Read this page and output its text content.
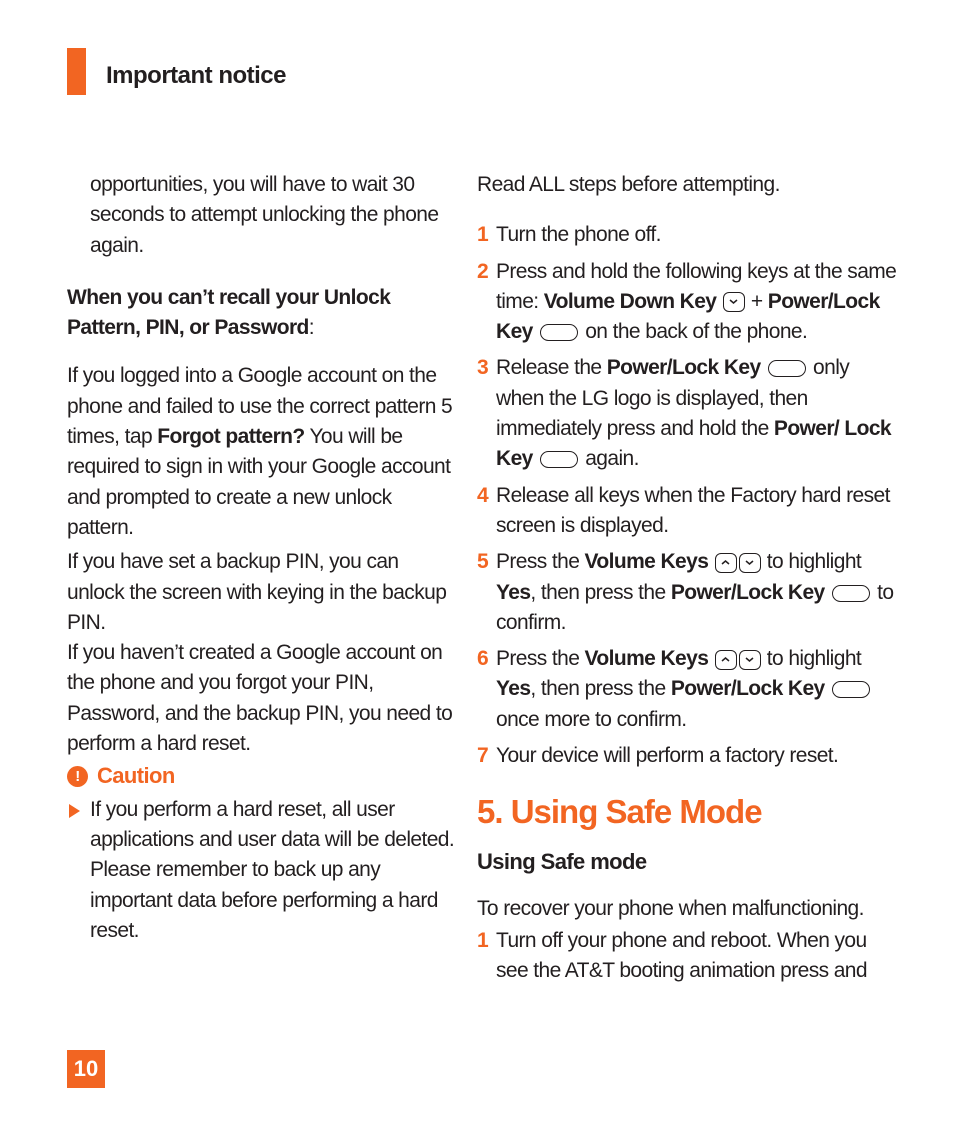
Important notice

opportunities, you will have to wait 30 seconds to attempt unlocking the phone again.

When you can’t recall your Unlock Pattern, PIN, or Password:

If you logged into a Google account on the phone and failed to use the correct pattern 5 times, tap Forgot pattern? You will be required to sign in with your Google account and prompted to create a new unlock pattern.

If you have set a backup PIN, you can unlock the screen with keying in the backup PIN.

If you haven’t created a Google account on the phone and you forgot your PIN, Password, and the backup PIN, you need to perform a hard reset.

! Caution

If you perform a hard reset, all user applications and user data will be deleted. Please remember to back up any important data before performing a hard reset.

Read ALL steps before attempting.

1 Turn the phone off.

2 Press and hold the following keys at the same time: Volume Down Key
+ Power/Lock Key  on the back of the phone.

3 Release the Power/Lock Key  only when the LG logo is displayed, then immediately press and hold the Power/ Lock Key  again.

4 Release all keys when the Factory hard reset screen is displayed.

5 Press the Volume Keys	to highlight Yes, then press the Power/Lock Key  to confirm.

6 Press the Volume Keys	to highlight Yes, then press the Power/Lock Key  once more to confirm.

7 Your device will perform a factory reset.

5. Using Safe Mode
Using Safe mode

To recover your phone when malfunctioning.

1 Turn off your phone and reboot. When you see the AT&T booting animation press and

10
